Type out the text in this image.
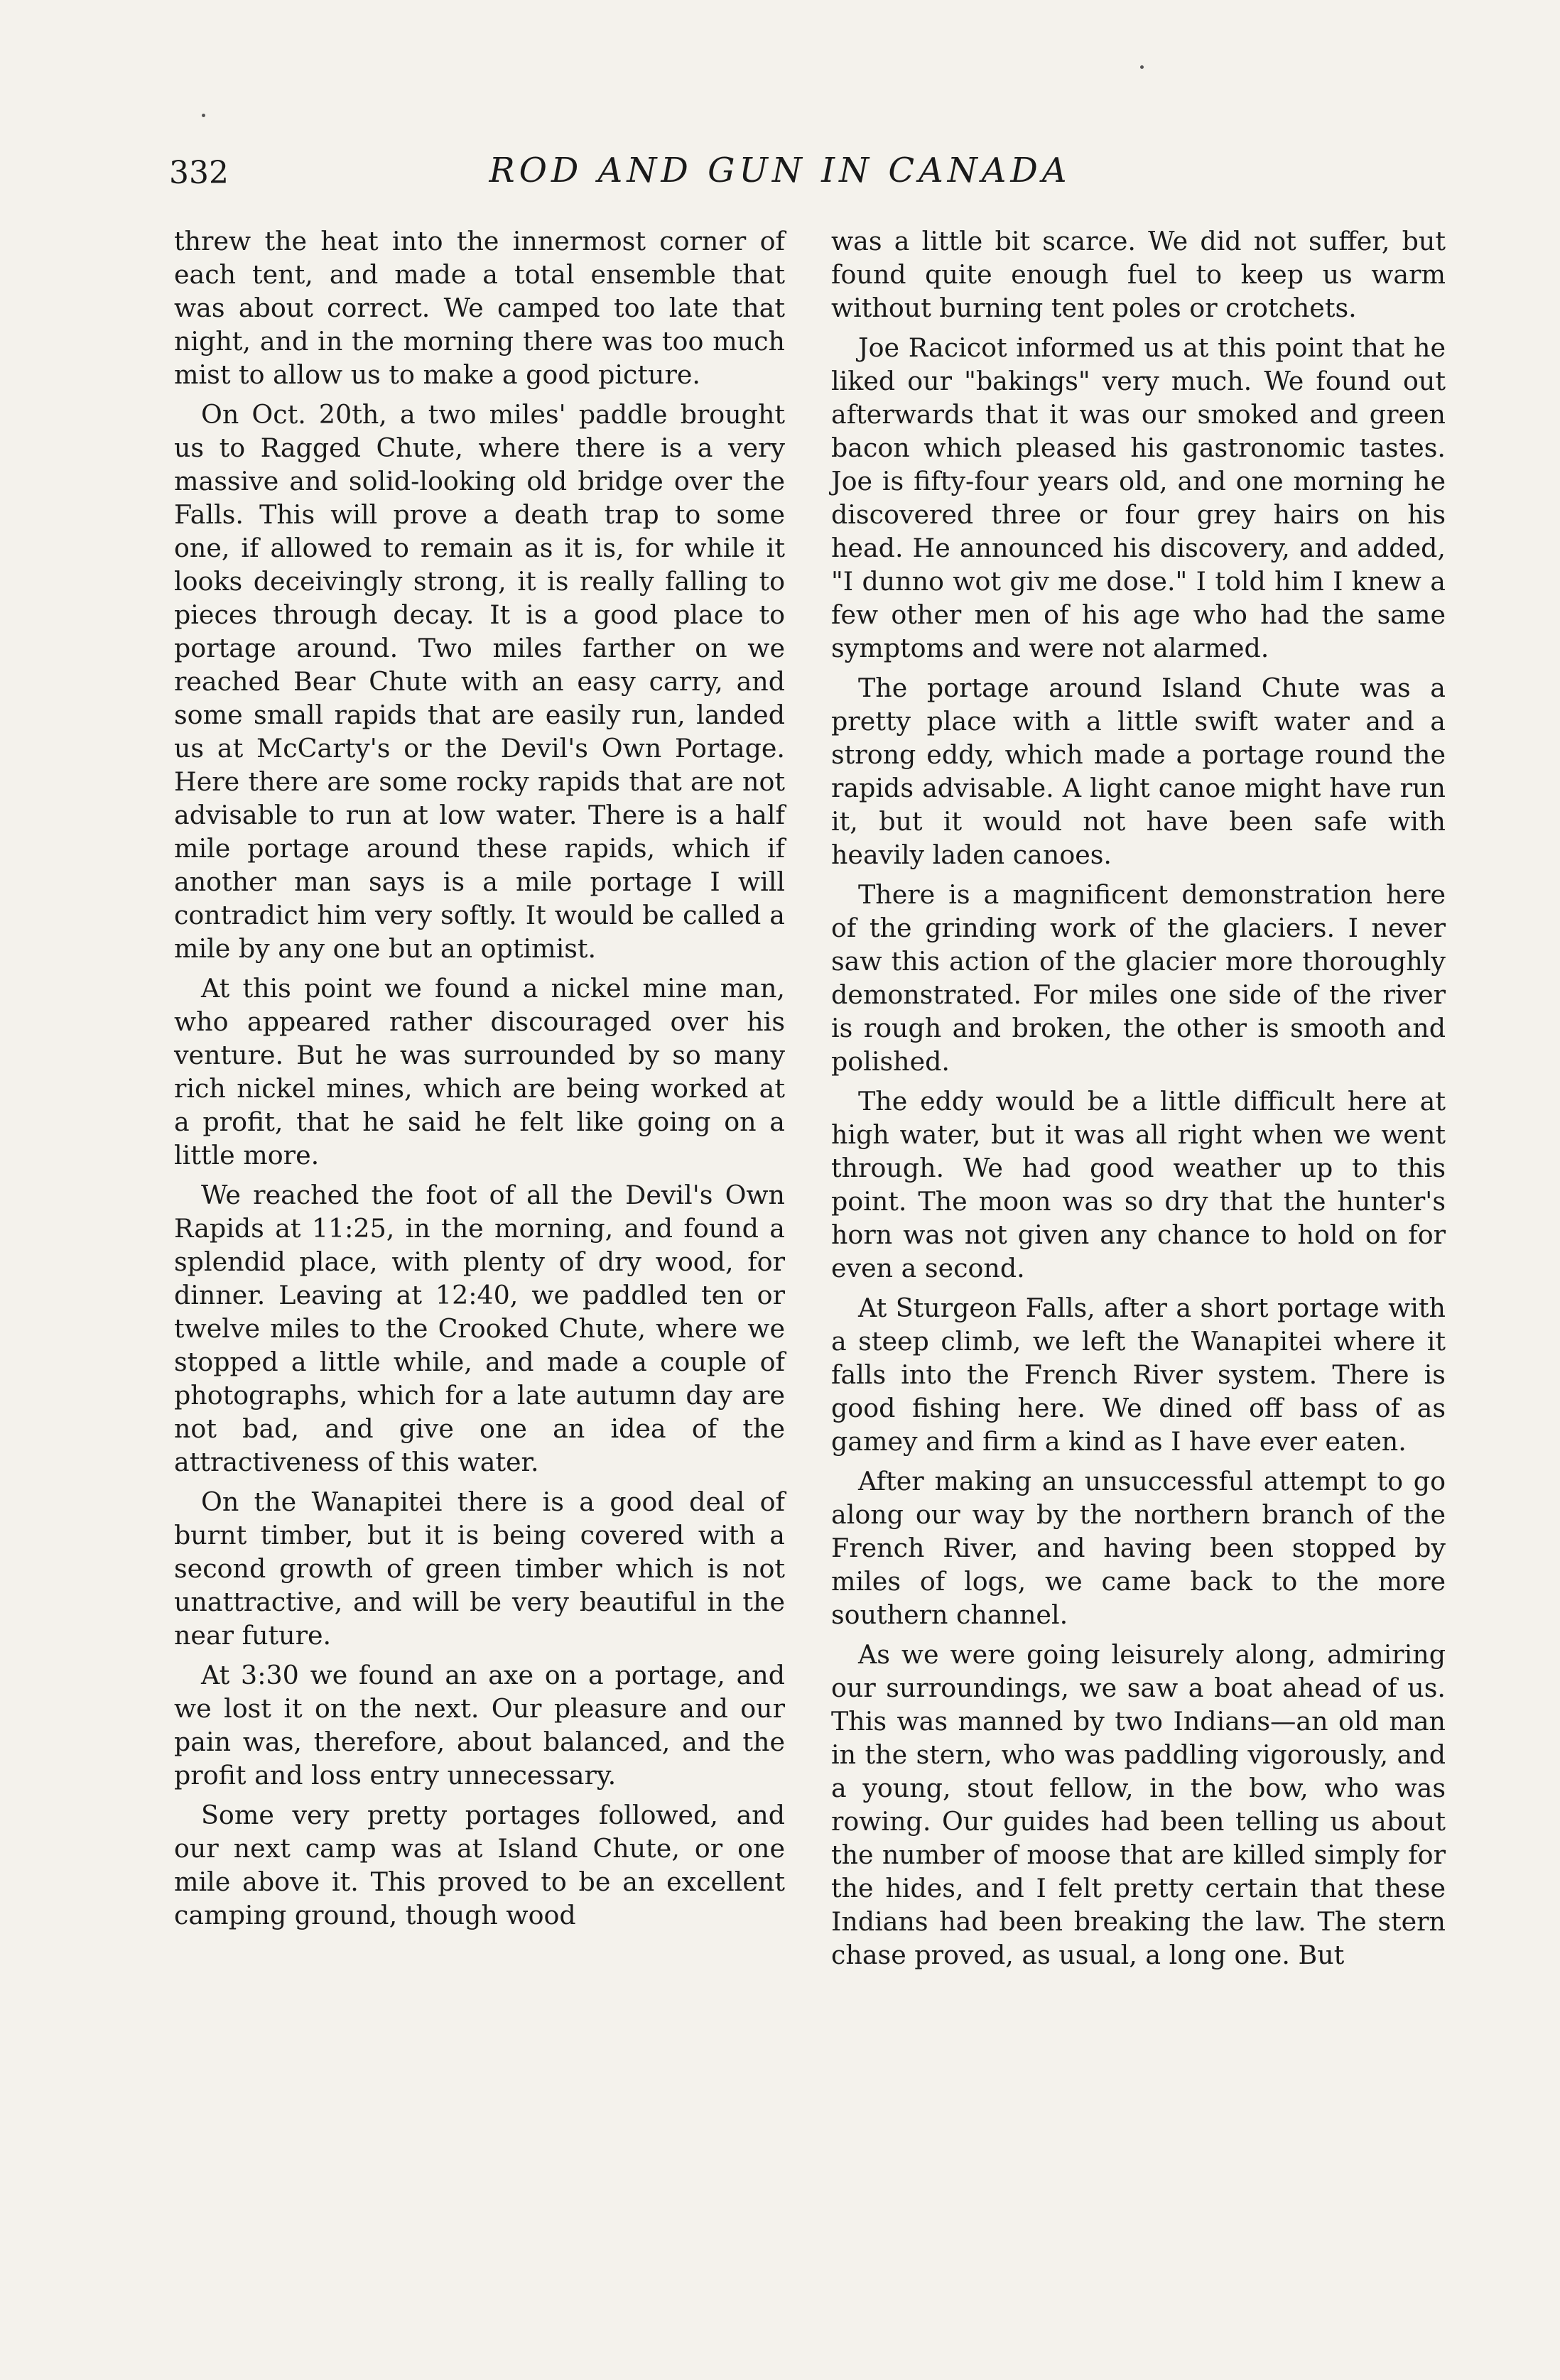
332	ROD AND GUN IN CANADA

threw the heat into the innermost corner of each tent, and made a total ensemble that was about correct. We camped too late that night, and in the morning there was too much mist to allow us to make a good picture.

On Oct. 20th, a two miles' paddle brought us to Ragged Chute, where there is a very massive and solid-looking old bridge over the Falls. This will prove a death trap to some one, if allowed to remain as it is, for while it looks deceivingly strong, it is really falling to pieces through decay. It is a good place to portage around. Two miles farther on we reached Bear Chute with an easy carry, and some small rapids that are easily run, landed us at McCarty's or the Devil's Own Portage. Here there are some rocky rapids that are not advisable to run at low water. There is a half mile portage around these rapids, which if another man says is a mile portage I will contradict him very softly. It would be called a mile by any one but an optimist.

At this point we found a nickel mine man, who appeared rather discouraged over his venture. But he was surrounded by so many rich nickel mines, which are being worked at a profit, that he said he felt like going on a little more.

We reached the foot of all the Devil's Own Rapids at 11:25, in the morning, and found a splendid place, with plenty of dry wood, for dinner. Leaving at 12:40, we paddled ten or twelve miles to the Crooked Chute, where we stopped a little while, and made a couple of photographs, which for a late autumn day are not bad, and give one an idea of the attractiveness of this water.

On the Wanapitei there is a good deal of burnt timber, but it is being covered with a second growth of green timber which is not unattractive, and will be very beautiful in the near future.

At 3:30 we found an axe on a portage, and we lost it on the next. Our pleasure and our pain was, therefore, about balanced, and the profit and loss entry unnecessary.

Some very pretty portages followed, and our next camp was at Island Chute, or one mile above it. This proved to be an excellent camping ground, though wood

was a little bit scarce. We did not suffer, but found quite enough fuel to keep us warm without burning tent poles or crotchets.

Joe Racicot informed us at this point that he liked our "bakings" very much. We found out afterwards that it was our smoked and green bacon which pleased his gastronomic tastes. Joe is fifty-four years old, and one morning he discovered three or four grey hairs on his head. He announced his discovery, and added, "I dunno wot giv me dose." I told him I knew a few other men of his age who had the same symptoms and were not alarmed.

The portage around Island Chute was a pretty place with a little swift water and a strong eddy, which made a portage round the rapids advisable. A light canoe might have run it, but it would not have been safe with heavily laden canoes.

There is a magnificent demonstration here of the grinding work of the glaciers. I never saw this action of the glacier more thoroughly demonstrated. For miles one side of the river is rough and broken, the other is smooth and polished.

The eddy would be a little difficult here at high water, but it was all right when we went through. We had good weather up to this point. The moon was so dry that the hunter's horn was not given any chance to hold on for even a second.

At Sturgeon Falls, after a short portage with a steep climb, we left the Wanapitei where it falls into the French River system. There is good fishing here. We dined off bass of as gamey and firm a kind as I have ever eaten.

After making an unsuccessful attempt to go along our way by the northern branch of the French River, and having been stopped by miles of logs, we came back to the more southern channel.

As we were going leisurely along, admiring our surroundings, we saw a boat ahead of us. This was manned by two Indians—an old man in the stern, who was paddling vigorously, and a young, stout fellow, in the bow, who was rowing. Our guides had been telling us about the number of moose that are killed simply for the hides, and I felt pretty certain that these Indians had been breaking the law. The stern chase proved, as usual, a long one. But
